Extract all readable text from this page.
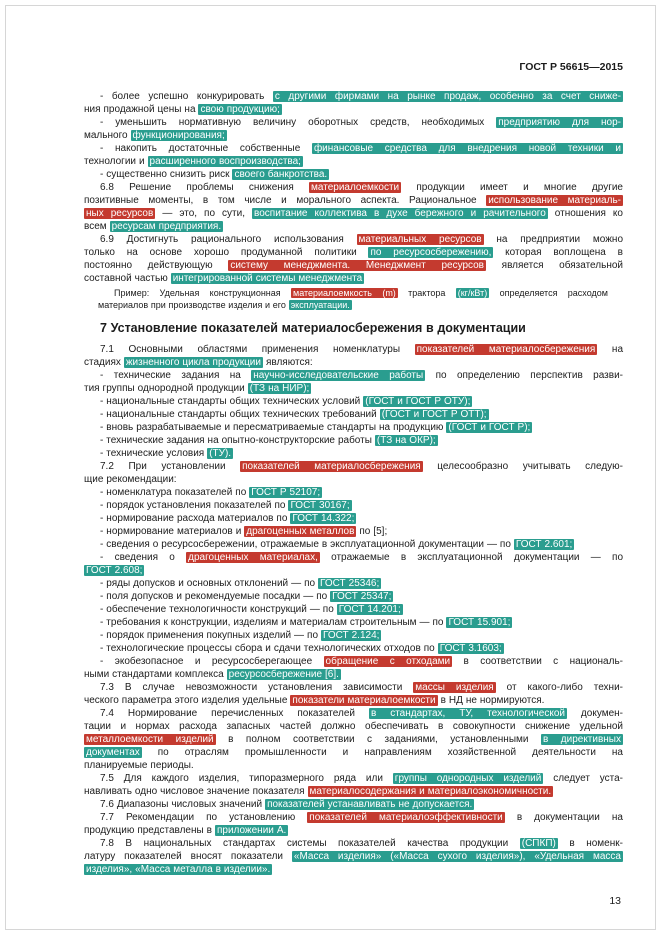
ГОСТ Р 56615—2015
- более успешно конкурировать с другими фирмами на рынке продаж, особенно за счет сниже-
ния продажной цены на свою продукцию;
- уменьшить нормативную величину оборотных средств, необходимых предприятию для нор-
мального функционирования;
- накопить достаточные собственные финансовые средства для внедрения новой техники и
технологии и расширенного воспроизводства;
- существенно снизить риск своего банкротства.
6.8 Решение проблемы снижения материалоемкости продукции имеет и многие другие
позитивные моменты, в том числе и морального аспекта. Рациональное использование материаль-
ных ресурсов — это, по сути, воспитание коллектива в духе бережного и рачительного отношения ко
всем ресурсам предприятия.
6.9 Достигнуть рационального использования материальных ресурсов на предприятии можно
только на основе хорошо продуманной политики по ресурсосбережению, которая воплощена в
постоянно действующую систему менеджмента. Менеджмент ресурсов является обязательной
составной частью интегрированной системы менеджмента
Пример: Удельная конструкционная материалоемкость (m) трактора (кг/кВт) определяется расходом
материалов при производстве изделия и его эксплуатации.
7 Установление показателей материалосбережения в документации
7.1 Основными областями применения номенклатуры показателей материалосбережения на
стадиях жизненного цикла продукции являются:
- технические задания на научно-исследовательские работы по определению перспектив разви-
тия группы однородной продукции (ТЗ на НИР);
- национальные стандарты общих технических условий (ГОСТ и ГОСТ Р ОТУ);
- национальные стандарты общих технических требований (ГОСТ и ГОСТ Р ОТТ);
- вновь разрабатываемые и пересматриваемые стандарты на продукцию (ГОСТ и ГОСТ Р);
- технические задания на опытно-конструкторские работы (ТЗ на ОКР);
- технические условия (ТУ).
7.2 При установлении показателей материалосбережения целесообразно учитывать следую-
щие рекомендации:
- номенклатура показателей по ГОСТ Р 52107;
- порядок установления показателей по ГОСТ 30167;
- нормирование расхода материалов по ГОСТ 14.322;
- нормирование материалов и драгоценных металлов по [5];
- сведения о ресурсосбережении, отражаемые в эксплуатационной документации — по ГОСТ 2.601;
- сведения о драгоценных материалах, отражаемые в эксплуатационной документации — по
ГОСТ 2.608;
- ряды допусков и основных отклонений — по ГОСТ 25346;
- поля допусков и рекомендуемые посадки — по ГОСТ 25347;
- обеспечение технологичности конструкций — по ГОСТ 14.201;
- требования к конструкции, изделиям и материалам строительным — по ГОСТ 15.901;
- порядок применения покупных изделий — по ГОСТ 2.124;
- технологические процессы сбора и сдачи технологических отходов по ГОСТ 3.1603;
- экобезопасное и ресурсосберегающее обращение с отходами в соответствии с националь-
ными стандартами комплекса ресурсосбережение [6].
7.3 В случае невозможности установления зависимости массы изделия от какого-либо техни-
ческого параметра этого изделия удельные показатели материалоемкости в НД не нормируются.
7.4 Нормирование перечисленных показателей в стандартах, ТУ, технологической докумен-
тации и нормах расхода запасных частей должно обеспечивать в совокупности снижение удельной
металлоемкости изделий в полном соответствии с заданиями, установленными в директивных
документах по отраслям промышленности и направлениям хозяйственной деятельности на
планируемые периоды.
7.5 Для каждого изделия, типоразмерного ряда или группы однородных изделий следует уста-
навливать одно числовое значение показателя материалосодержания и материалоэкономичности.
7.6 Диапазоны числовых значений показателей устанавливать не допускается.
7.7 Рекомендации по установлению показателей материалоэффективности в документации на
продукцию представлены в приложении А.
7.8 В национальных стандартах системы показателей качества продукции (СПКП) в номенк-
латуру показателей вносят показатели «Масса изделия» («Масса сухого изделия»), «Удельная масса
изделия», «Масса металла в изделии».
13
